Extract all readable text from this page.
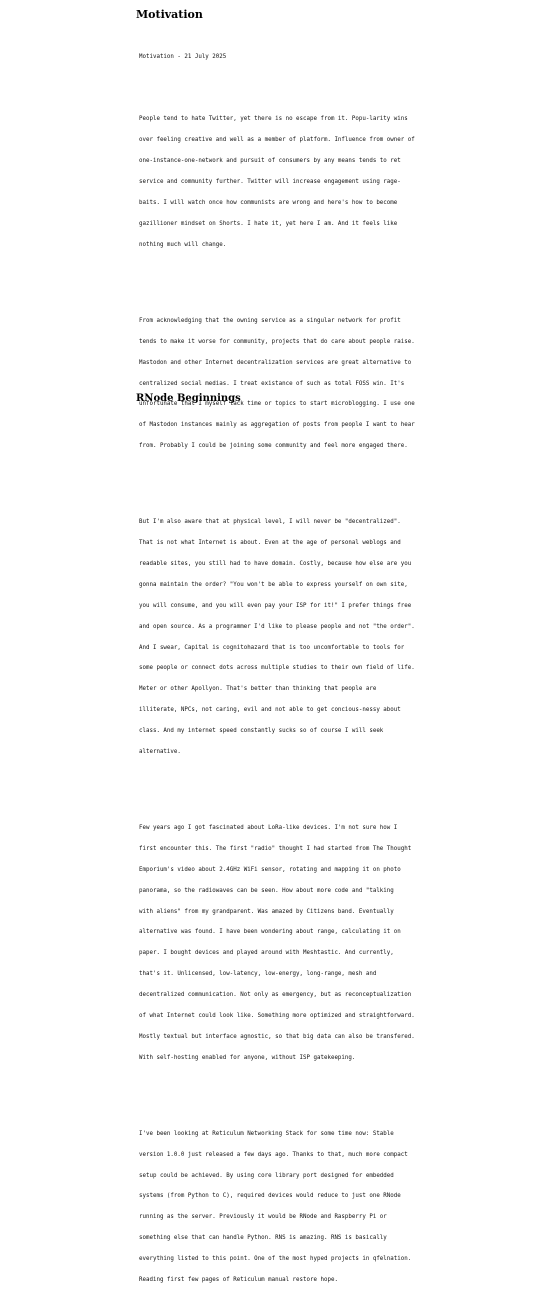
Motivation

Motivation - 21 July 2025

People tend to hate Twitter, yet there is no escape from it. Popu-larity wins

over feeling creative and well as a member of platform. Influence from owner of

one-instance-one-network and pursuit of consumers by any means tends to ret

service and community further. Twitter will increase engagement using rage-

baits. I will watch once how communists are wrong and here's how to become

gazillioner mindset on Shorts. I hate it, yet here I am. And it feels like

nothing much will change.

From acknowledging that the owning service as a singular network for profit

tends to make it worse for community, projects that do care about people raise.

Mastodon and other Internet decentralization services are great alternative to

centralized social medias. I treat existance of such as total FOSS win. It's

unfortunate that I myself lack time or topics to start microblogging. I use one

of Mastodon instances mainly as aggregation of posts from people I want to hear

from. Probably I could be joining some community and feel more engaged there.

But I'm also aware that at physical level, I will never be "decentralized".

That is not what Internet is about. Even at the age of personal weblogs and

readable sites, you still had to have domain. Costly, because how else are you

gonna maintain the order? "You won't be able to express yourself on own site,

you will consume, and you will even pay your ISP for it!" I prefer things free

and open source. As a programmer I'd like to please people and not "the order".

And I swear, Capital is cognitohazard that is too uncomfortable to tools for

some people or connect dots across multiple studies to their own field of life.

Meter or other Apollyon. That's better than thinking that people are

illiterate, NPCs, not caring, evil and not able to get concious-nessy about

class. And my internet speed constantly sucks so of course I will seek

alternative.

Few years ago I got fascinated about LoRa-like devices. I'm not sure how I

first encounter this. The first "radio" thought I had started from The Thought

Emporium's video about 2.4GHz WiFi sensor, rotating and mapping it on photo

panorama, so the radiowaves can be seen. How about more code and "talking

with aliens" from my grandparent. Was amazed by Citizens band. Eventually

alternative was found. I have been wondering about range, calculating it on

paper. I bought devices and played around with Meshtastic. And currently,

that's it. Unlicensed, low-latency, low-energy, long-range, mesh and

decentralized communication. Not only as emergency, but as reconceptualization

of what Internet could look like. Something more optimized and straightforward.

Mostly textual but interface agnostic, so that big data can also be transfered.

With self-hosting enabled for anyone, without ISP gatekeeping.

I've been looking at Reticulum Networking Stack for some time now: Stable

version 1.0.0 just released a few days ago. Thanks to that, much more compact

setup could be achieved. By using core library port designed for embedded

systems (from Python to C), required devices would reduce to just one RNode

running as the server. Previously it would be RNode and Raspberry Pi or

something else that can handle Python. RNS is amazing. RNS is basically

everything listed to this point. One of the most hyped projects in qfelnation.

Reading first few pages of Reticulum manual restore hope.

RNode Beginnings
